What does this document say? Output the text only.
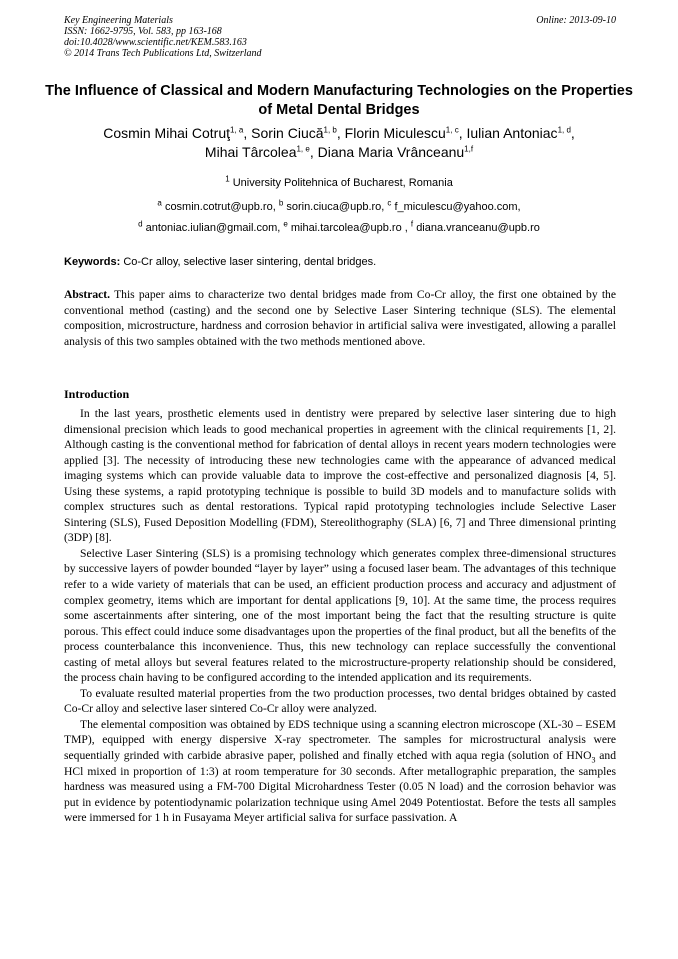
Key Engineering Materials
ISSN: 1662-9795, Vol. 583, pp 163-168
doi:10.4028/www.scientific.net/KEM.583.163
© 2014 Trans Tech Publications Ltd, Switzerland
Online: 2013-09-10
The Influence of Classical and Modern Manufacturing Technologies on the Properties of Metal Dental Bridges
Cosmin Mihai Cotruţ$^{1, a}$, Sorin Ciucă$^{1, b}$, Florin Miculescu$^{1, c}$, Iulian Antoniac$^{1, d}$,
Mihai Târcolea$^{1, e}$, Diana Maria Vrânceanu$^{1,f}$
$^1$ University Politehnica of Bucharest, Romania
$^a$ cosmin.cotrut@upb.ro, $^b$ sorin.ciuca@upb.ro, $^c$ f_miculescu@yahoo.com,
$^d$ antoniac.iulian@gmail.com, $^e$ mihai.tarcolea@upb.ro , $^f$ diana.vranceanu@upb.ro
Keywords: Co-Cr alloy, selective laser sintering, dental bridges.
Abstract. This paper aims to characterize two dental bridges made from Co-Cr alloy, the first one obtained by the conventional method (casting) and the second one by Selective Laser Sintering technique (SLS). The elemental composition, microstructure, hardness and corrosion behavior in artificial saliva were investigated, allowing a parallel analysis of this two samples obtained with the two methods mentioned above.
Introduction

In the last years, prosthetic elements used in dentistry were prepared by selective laser sintering due to high dimensional precision which leads to good mechanical properties in agreement with the clinical requirements [1, 2]. Although casting is the conventional method for fabrication of dental alloys in recent years modern technologies were applied [3]. The necessity of introducing these new technologies came with the appearance of advanced medical imaging systems which can provide valuable data to improve the cost-effective and personalized diagnosis [4, 5]. Using these systems, a rapid prototyping technique is possible to build 3D models and to manufacture solids with complex structures such as dental restorations. Typical rapid prototyping technologies include Selective Laser Sintering (SLS), Fused Deposition Modelling (FDM), Stereolithography (SLA) [6, 7] and Three dimensional printing (3DP) [8].

Selective Laser Sintering (SLS) is a promising technology which generates complex three-dimensional structures by successive layers of powder bounded “layer by layer” using a focused laser beam. The advantages of this technique refer to a wide variety of materials that can be used, an efficient production process and accuracy and adjustment of complex geometry, items which are important for dental applications [9, 10]. At the same time, the process requires some ascertainments after sintering, one of the most important being the fact that the resulting structure is quite porous. This effect could induce some disadvantages upon the properties of the final product, but all the benefits of the process counterbalance this inconvenience. Thus, this new technology can replace successfully the conventional casting of metal alloys but several features related to the microstructure-property relationship should be considered, the process chain having to be configured according to the intended application and its requirements.

To evaluate resulted material properties from the two production processes, two dental bridges obtained by casted Co-Cr alloy and selective laser sintered Co-Cr alloy were analyzed.

The elemental composition was obtained by EDS technique using a scanning electron microscope (XL-30 – ESEM TMP), equipped with energy dispersive X-ray spectrometer. The samples for microstructural analysis were sequentially grinded with carbide abrasive paper, polished and finally etched with aqua regia (solution of $HNO_3$ and HCl mixed in proportion of 1:3) at room temperature for 30 seconds. After metallographic preparation, the samples hardness was measured using a FM-700 Digital Microhardness Tester (0.05 N load) and the corrosion behavior was put in evidence by potentiodynamic polarization technique using Amel 2049 Potentiostat. Before the tests all samples were immersed for 1 h in Fusayama Meyer artificial saliva for surface passivation. A
